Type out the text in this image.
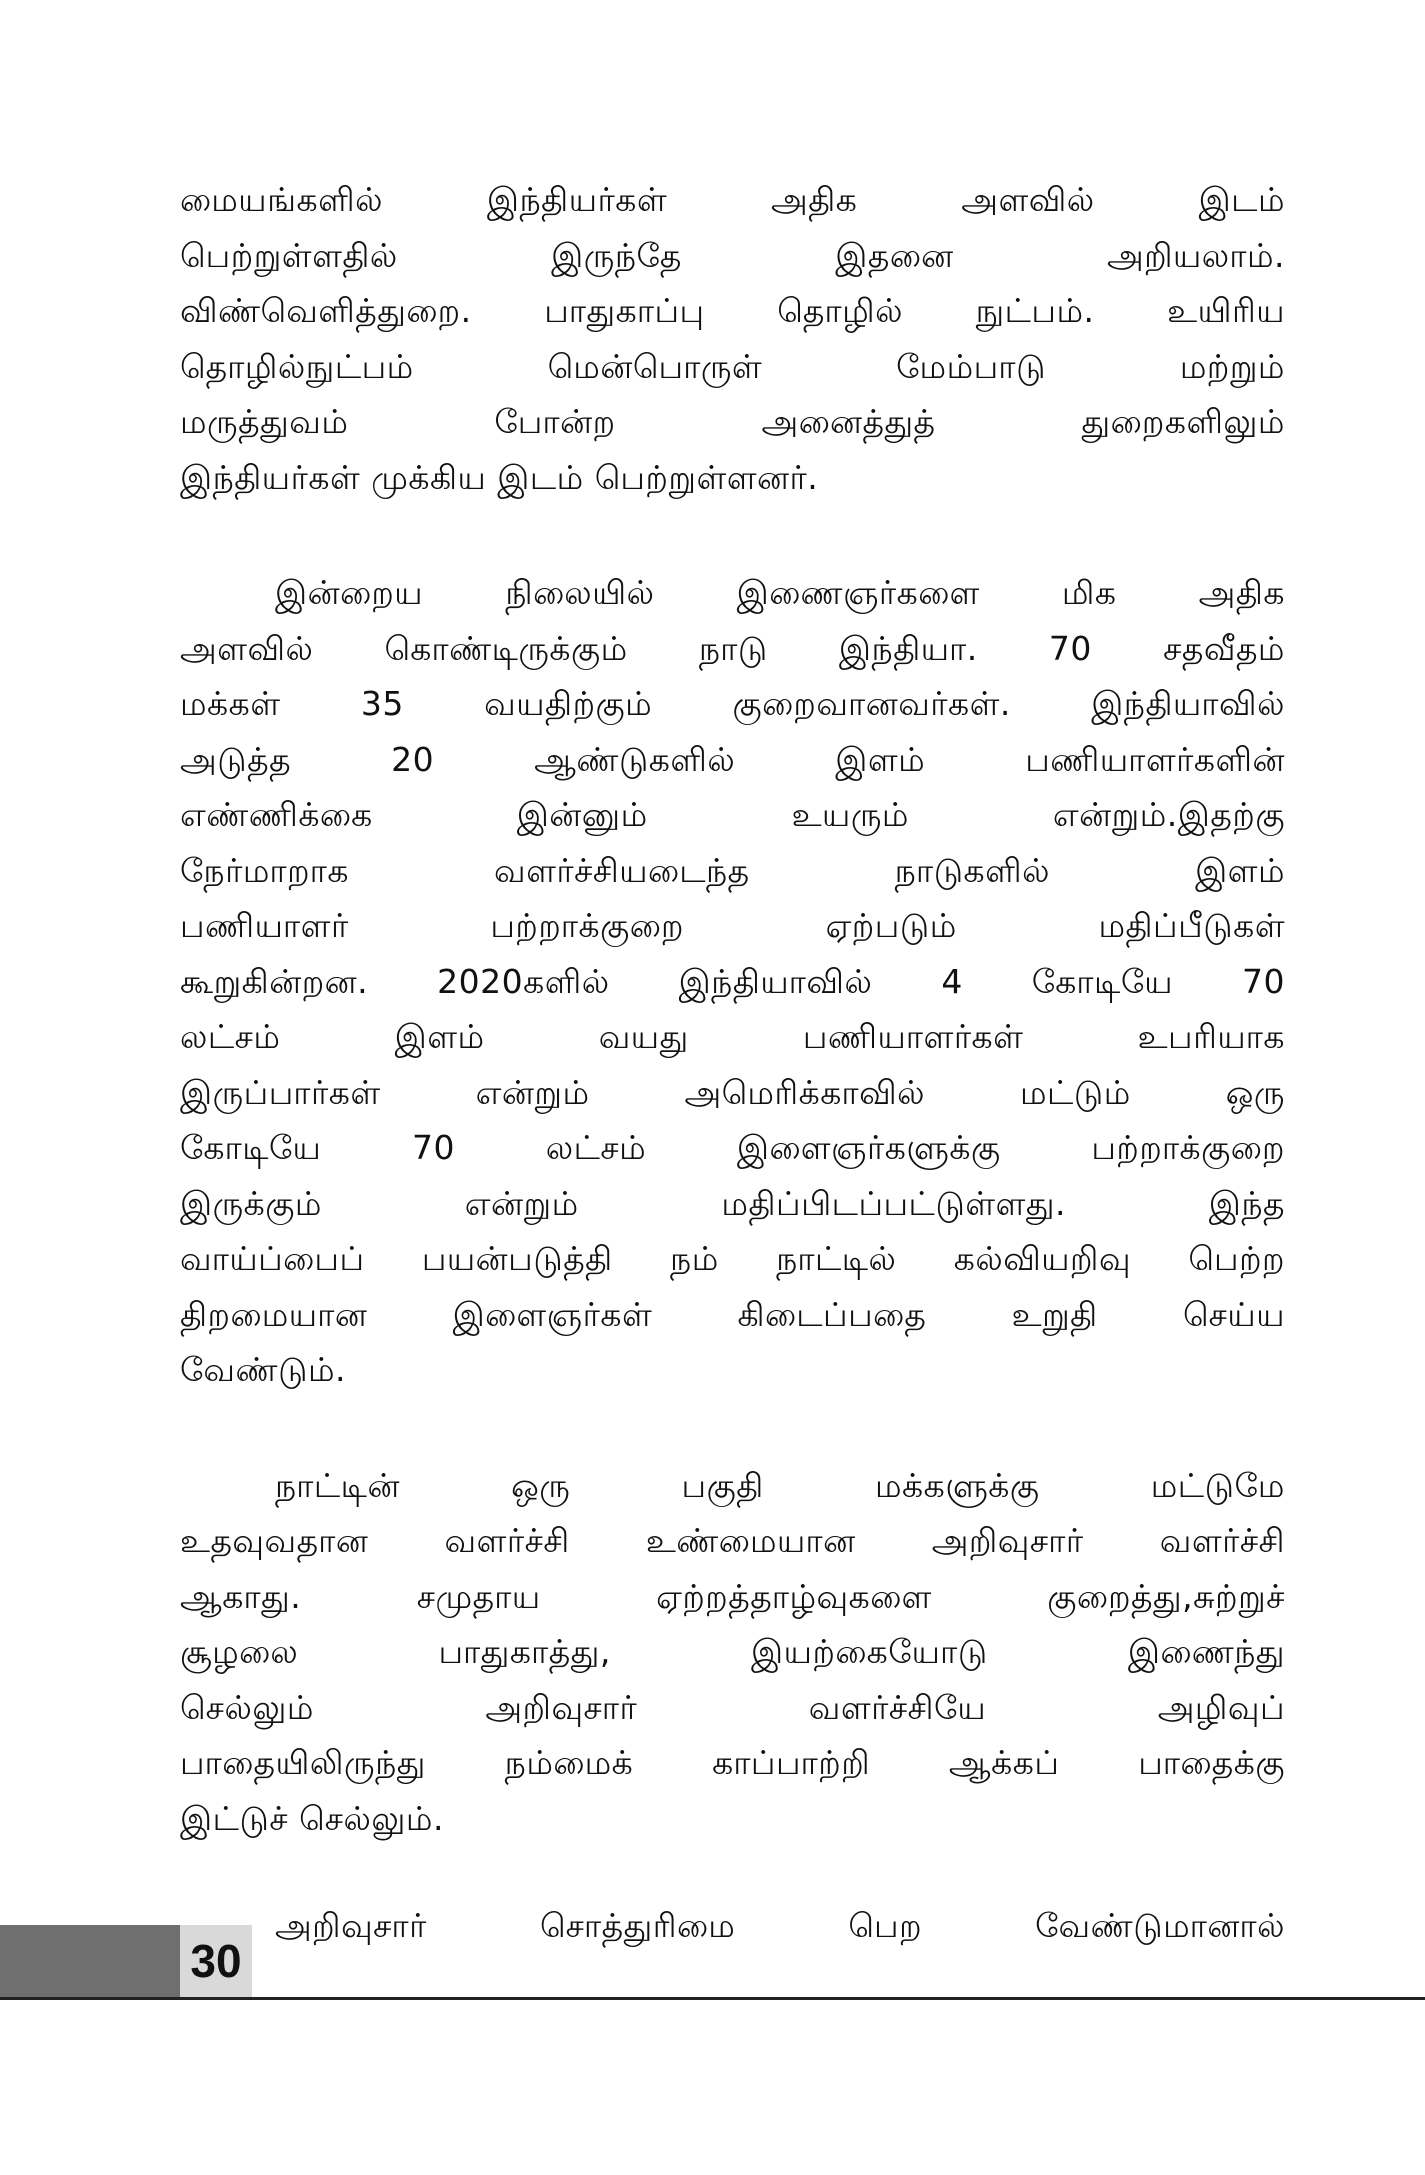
மையங்களில் இந்தியர்கள் அதிக அளவில் இடம்
பெற்றுள்ளதில் இருந்தே இதனை அறியலாம்.
விண்வெளித்துறை. பாதுகாப்பு தொழில் நுட்பம். உயிரிய
தொழில்நுட்பம் மென்பொருள் மேம்பாடு மற்றும்
மருத்துவம் போன்ற அனைத்துத் துறைகளிலும்
இந்தியர்கள் முக்கிய இடம் பெற்றுள்ளனர்.

இன்றைய நிலையில் இணைஞர்களை மிக அதிக
அளவில் கொண்டிருக்கும் நாடு இந்தியா. 70 சதவீதம்
மக்கள் 35 வயதிற்கும் குறைவானவர்கள். இந்தியாவில்
அடுத்த 20 ஆண்டுகளில் இளம் பணியாளர்களின்
எண்ணிக்கை இன்னும் உயரும் என்றும்.இதற்கு
நேர்மாறாக வளர்ச்சியடைந்த நாடுகளில் இளம்
பணியாளர் பற்றாக்குறை ஏற்படும் மதிப்பீடுகள்
கூறுகின்றன. 2020களில் இந்தியாவில் 4 கோடியே 70
லட்சம் இளம் வயது பணியாளர்கள் உபரியாக
இருப்பார்கள் என்றும் அமெரிக்காவில் மட்டும் ஒரு
கோடியே 70 லட்சம் இளைஞர்களுக்கு பற்றாக்குறை
இருக்கும் என்றும் மதிப்பிடப்பட்டுள்ளது. இந்த
வாய்ப்பைப் பயன்படுத்தி நம் நாட்டில் கல்வியறிவு பெற்ற
திறமையான இளைஞர்கள் கிடைப்பதை உறுதி செய்ய
வேண்டும்.

நாட்டின் ஒரு பகுதி மக்களுக்கு மட்டுமே
உதவுவதான வளர்ச்சி உண்மையான அறிவுசார் வளர்ச்சி
ஆகாது. சமுதாய ஏற்றத்தாழ்வுகளை குறைத்து,சுற்றுச்
சூழலை பாதுகாத்து, இயற்கையோடு இணைந்து
செல்லும் அறிவுசார் வளர்ச்சியே அழிவுப்
பாதையிலிருந்து நம்மைக் காப்பாற்றி ஆக்கப் பாதைக்கு
இட்டுச் செல்லும்.

அறிவுசார் சொத்துரிமை பெற வேண்டுமானால்

30
